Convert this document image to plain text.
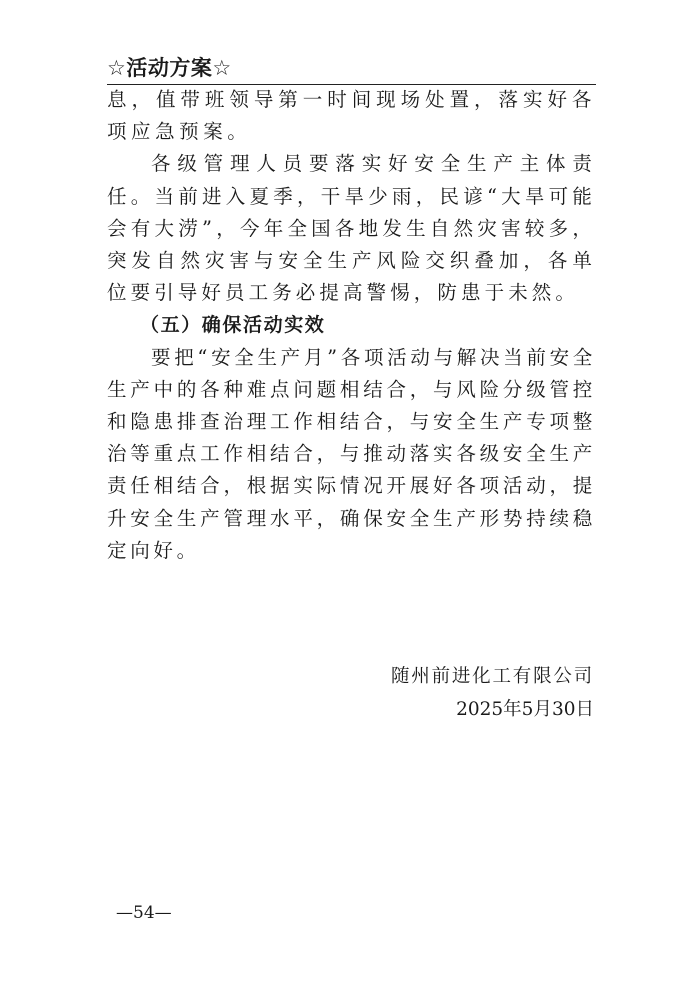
☆活动方案☆

息，值带班领导第一时间现场处置，落实好各项应急预案。

各级管理人员要落实好安全生产主体责任。当前进入夏季，干旱少雨，民谚“大旱可能会有大涝”，今年全国各地发生自然灾害较多，突发自然灾害与安全生产风险交织叠加，各单位要引导好员工务必提高警惕，防患于未然。

（五）确保活动实效

要把“安全生产月”各项活动与解决当前安全生产中的各种难点问题相结合，与风险分级管控和隐患排查治理工作相结合，与安全生产专项整治等重点工作相结合，与推动落实各级安全生产责任相结合，根据实际情况开展好各项活动，提升安全生产管理水平，确保安全生产形势持续稳定向好。

随州前进化工有限公司
2025年5月30日
—54—
